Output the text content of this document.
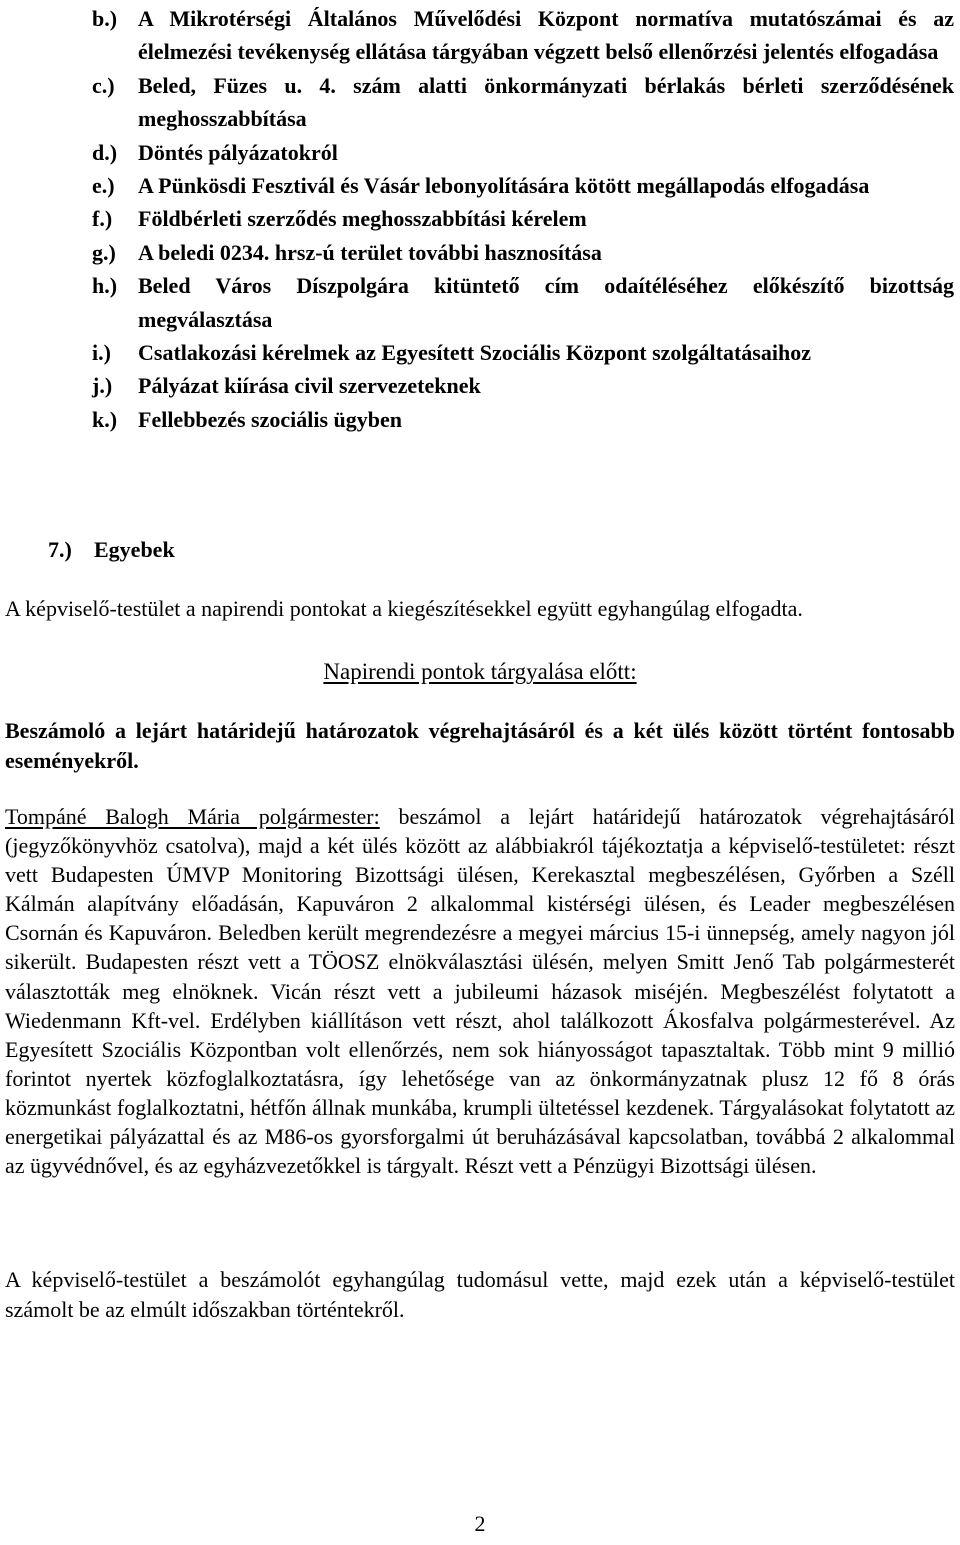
b.) A Mikrotérségi Általános Művelődési Központ normatíva mutatószámai és az élelmezési tevékenység ellátása tárgyában végzett belső ellenőrzési jelentés elfogadása
c.)	Beled, Füzes u. 4. szám alatti önkormányzati bérlakás bérleti szerződésének meghosszabbítása
d.) Döntés pályázatokról
e.)	A Pünkösdi Fesztivál és Vásár lebonyolítására kötött megállapodás elfogadása
f.)	Földbérleti szerződés meghosszabbítási kérelem
g.)	A beledi 0234. hrsz-ú terület további hasznosítása
h.) Beled Város Díszpolgára kitüntető cím odaítéléséhez előkészítő bizottság megválasztása
i.)	Csatlakozási kérelmek az Egyesített Szociális Központ szolgáltatásaihoz
j.)	Pályázat kiírása civil szervezeteknek
k.) Fellebbezés szociális ügyben
7.)	Egyebek
A képviselő-testület a napirendi pontokat a kiegészítésekkel együtt egyhangúlag elfogadta.
Napirendi pontok tárgyalása előtt:
Beszámoló a lejárt határidejű határozatok végrehajtásáról és a két ülés között történt fontosabb eseményekről.
Tompáné Balogh Mária polgármester: beszámol a lejárt határidejű határozatok végrehajtásáról (jegyzőkönyvhöz csatolva), majd a két ülés között az alábbiakról tájékoztatja a képviselő-testületet: részt vett Budapesten ÚMVP Monitoring Bizottsági ülésen, Kerekasztal megbeszélésen, Győrben a Széll Kálmán alapítvány előadásán, Kapuváron 2 alkalommal kistérségi ülésen, és Leader megbeszélésen Csornán és Kapuváron. Beledben került megrendezésre a megyei március 15-i ünnepség, amely nagyon jól sikerült. Budapesten részt vett a TÖOSZ elnökválasztási ülésén, melyen Smitt Jenő Tab polgármesterét választották meg elnöknek. Vicán részt vett a jubileumi házasok miséjén. Megbeszélést folytatott a Wiedenmann Kft-vel. Erdélyben kiállításon vett részt, ahol találkozott Ákosfalva polgármesterével. Az Egyesített Szociális Központban volt ellenőrzés, nem sok hiányosságot tapasztaltak. Több mint 9 millió forintot nyertek közfoglalkoztatásra, így lehetősége van az önkormányzatnak plusz 12 fő 8 órás közmunkást foglalkoztatni, hétfőn állnak munkába, krumpli ültetéssel kezdenek. Tárgyalásokat folytatott az energetikai pályázattal és az M86-os gyorsforgalmi út beruházásával kapcsolatban, továbbá 2 alkalommal az ügyvédnővel, és az egyházvezetőkkel is tárgyalt. Részt vett a Pénzügyi Bizottsági ülésen.
A képviselő-testület a beszámolót egyhangúlag tudomásul vette, majd ezek után a képviselő-testület számolt be az elmúlt időszakban történtekről.
2
